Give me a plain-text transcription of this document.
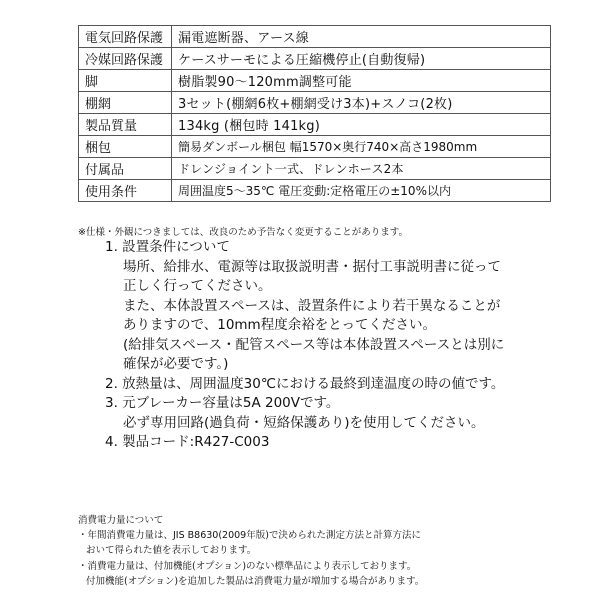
電気回路保護	漏電遮断器、アース線
冷媒回路保護	ケースサーモによる圧縮機停止(自動復帰)
脚	樹脂製90〜120mm調整可能
棚網	3セット(棚網6枚+棚網受け3本)+スノコ(2枚)
製品質量	134kg (梱包時 141kg)
梱包	簡易ダンボール梱包 幅1570×奥行740×高さ1980mm
付属品	ドレンジョイント一式、ドレンホース2本
使用条件	周囲温度5〜35℃ 電圧変動:定格電圧の±10%以内
※仕様・外観につきましては、改良のため予告なく変更することがあります。
1. 設置条件について
場所、給排水、電源等は取扱説明書・据付工事説明書に従って
正しく行ってください。
また、本体設置スペースは、設置条件により若干異なることが
ありますので、10mm程度余裕をとってください。
(給排気スペース・配管スペース等は本体設置スペースとは別に
確保が必要です。)
2. 放熱量は、周囲温度30℃における最終到達温度の時の値です。
3. 元ブレーカー容量は5A 200Vです。
必ず専用回路(過負荷・短絡保護あり)を使用してください。
4. 製品コード:R427-C003
消費電力量について
・年間消費電力量は、JIS B8630(2009年版)で決められた測定方法と計算方法に
おいて得られた値を表示しております。
・消費電力量は、付加機能(オプション)のない標準品により表示しております。
付加機能(オプション)を追加した製品は消費電力量が増加する場合があります。
